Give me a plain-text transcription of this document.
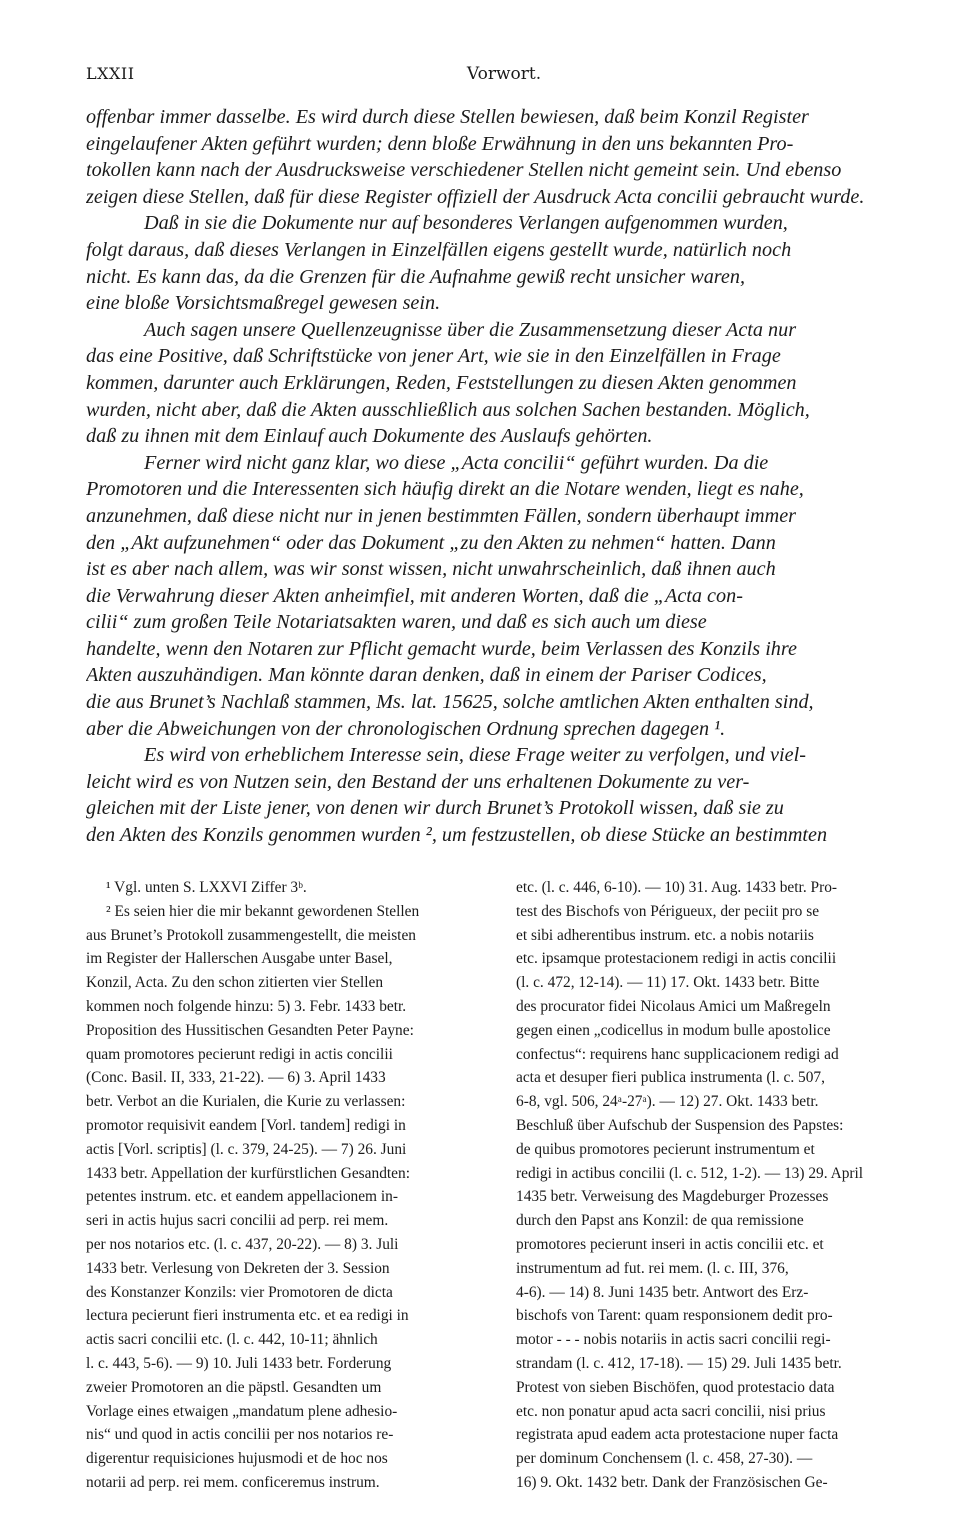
LXXII	Vorwort.
offenbar immer dasselbe. Es wird durch diese Stellen bewiesen, daß beim Konzil Register
eingelaufener Akten geführt wurden; denn bloße Erwähnung in den uns bekannten Pro-
tokollen kann nach der Ausdrucksweise verschiedener Stellen nicht gemeint sein. Und ebenso
zeigen diese Stellen, daß für diese Register offiziell der Ausdruck Acta concilii gebraucht wurde.
Daß in sie die Dokumente nur auf besonderes Verlangen aufgenommen wurden,
folgt daraus, daß dieses Verlangen in Einzelfällen eigens gestellt wurde, natürlich noch
nicht. Es kann das, da die Grenzen für die Aufnahme gewiß recht unsicher waren,
eine bloße Vorsichtsmaßregel gewesen sein.
Auch sagen unsere Quellenzeugnisse über die Zusammensetzung dieser Acta nur
das eine Positive, daß Schriftstücke von jener Art, wie sie in den Einzelfällen in Frage
kommen, darunter auch Erklärungen, Reden, Feststellungen zu diesen Akten genommen
wurden, nicht aber, daß die Akten ausschließlich aus solchen Sachen bestanden. Möglich,
daß zu ihnen mit dem Einlauf auch Dokumente des Auslaufs gehörten.
Ferner wird nicht ganz klar, wo diese „Acta concilii“ geführt wurden. Da die
Promotoren und die Interessenten sich häufig direkt an die Notare wenden, liegt es nahe,
anzunehmen, daß diese nicht nur in jenen bestimmten Fällen, sondern überhaupt immer
den „Akt aufzunehmen“ oder das Dokument „zu den Akten zu nehmen“ hatten. Dann
ist es aber nach allem, was wir sonst wissen, nicht unwahrscheinlich, daß ihnen auch
die Verwahrung dieser Akten anheimfiel, mit anderen Worten, daß die „Acta con-
cilii“ zum großen Teile Notariatsakten waren, und daß es sich auch um diese
handelte, wenn den Notaren zur Pflicht gemacht wurde, beim Verlassen des Konzils ihre
Akten auszuhändigen. Man könnte daran denken, daß in einem der Pariser Codices,
die aus Brunet’s Nachlaß stammen, Ms. lat. 15625, solche amtlichen Akten enthalten sind,
aber die Abweichungen von der chronologischen Ordnung sprechen dagegen ¹.
Es wird von erheblichem Interesse sein, diese Frage weiter zu verfolgen, und viel-
leicht wird es von Nutzen sein, den Bestand der uns erhaltenen Dokumente zu ver-
gleichen mit der Liste jener, von denen wir durch Brunet’s Protokoll wissen, daß sie zu
den Akten des Konzils genommen wurden ², um festzustellen, ob diese Stücke an bestimmten
¹ Vgl. unten S. LXXVI Ziffer 3ᵇ.
² Es seien hier die mir bekannt gewordenen Stellen
aus Brunet’s Protokoll zusammengestellt, die meisten
im Register der Hallerschen Ausgabe unter Basel,
Konzil, Acta. Zu den schon zitierten vier Stellen
kommen noch folgende hinzu: 5) 3. Febr. 1433 betr.
Proposition des Hussitischen Gesandten Peter Payne:
quam promotores pecierunt redigi in actis concilii
(Conc. Basil. II, 333, 21-22). — 6) 3. April 1433
betr. Verbot an die Kurialen, die Kurie zu verlassen:
promotor requisivit eandem [Vorl. tandem] redigi in
actis [Vorl. scriptis] (l. c. 379, 24-25). — 7) 26. Juni
1433 betr. Appellation der kurfürstlichen Gesandten:
petentes instrum. etc. et eandem appellacionem in-
seri in actis hujus sacri concilii ad perp. rei mem.
per nos notarios etc. (l. c. 437, 20-22). — 8) 3. Juli
1433 betr. Verlesung von Dekreten der 3. Session
des Konstanzer Konzils: vier Promotoren de dicta
lectura pecierunt fieri instrumenta etc. et ea redigi in
actis sacri concilii etc. (l. c. 442, 10-11; ähnlich
l. c. 443, 5-6). — 9) 10. Juli 1433 betr. Forderung
zweier Promotoren an die päpstl. Gesandten um
Vorlage eines etwaigen „mandatum plene adhesio-
nis“ und quod in actis concilii per nos notarios re-
digerentur requisiciones hujusmodi et de hoc nos
notarii ad perp. rei mem. conficeremus instrum.
etc. (l. c. 446, 6-10). — 10) 31. Aug. 1433 betr. Pro-
test des Bischofs von Périgueux, der peciit pro se
et sibi adherentibus instrum. etc. a nobis notariis
etc. ipsamque protestacionem redigi in actis concilii
(l. c. 472, 12-14). — 11) 17. Okt. 1433 betr. Bitte
des procurator fidei Nicolaus Amici um Maßregeln
gegen einen „codicellus in modum bulle apostolice
confectus“: requirens hanc supplicacionem redigi ad
acta et desuper fieri publica instrumenta (l. c. 507,
6-8, vgl. 506, 24ᵃ-27ᵃ). — 12) 27. Okt. 1433 betr.
Beschluß über Aufschub der Suspension des Papstes:
de quibus promotores pecierunt instrumentum et
redigi in actibus concilii (l. c. 512, 1-2). — 13) 29. April
1435 betr. Verweisung des Magdeburger Prozesses
durch den Papst ans Konzil: de qua remissione
promotores pecierunt inseri in actis concilii etc. et
instrumentum ad fut. rei mem. (l. c. III, 376,
4-6). — 14) 8. Juni 1435 betr. Antwort des Erz-
bischofs von Tarent: quam responsionem dedit pro-
motor - - - nobis notariis in actis sacri concilii regi-
strandam (l. c. 412, 17-18). — 15) 29. Juli 1435 betr.
Protest von sieben Bischöfen, quod protestacio data
etc. non ponatur apud acta sacri concilii, nisi prius
registrata apud eadem acta protestacione nuper facta
per dominum Conchensem (l. c. 458, 27-30). —
16) 9. Okt. 1432 betr. Dank der Französischen Ge-
